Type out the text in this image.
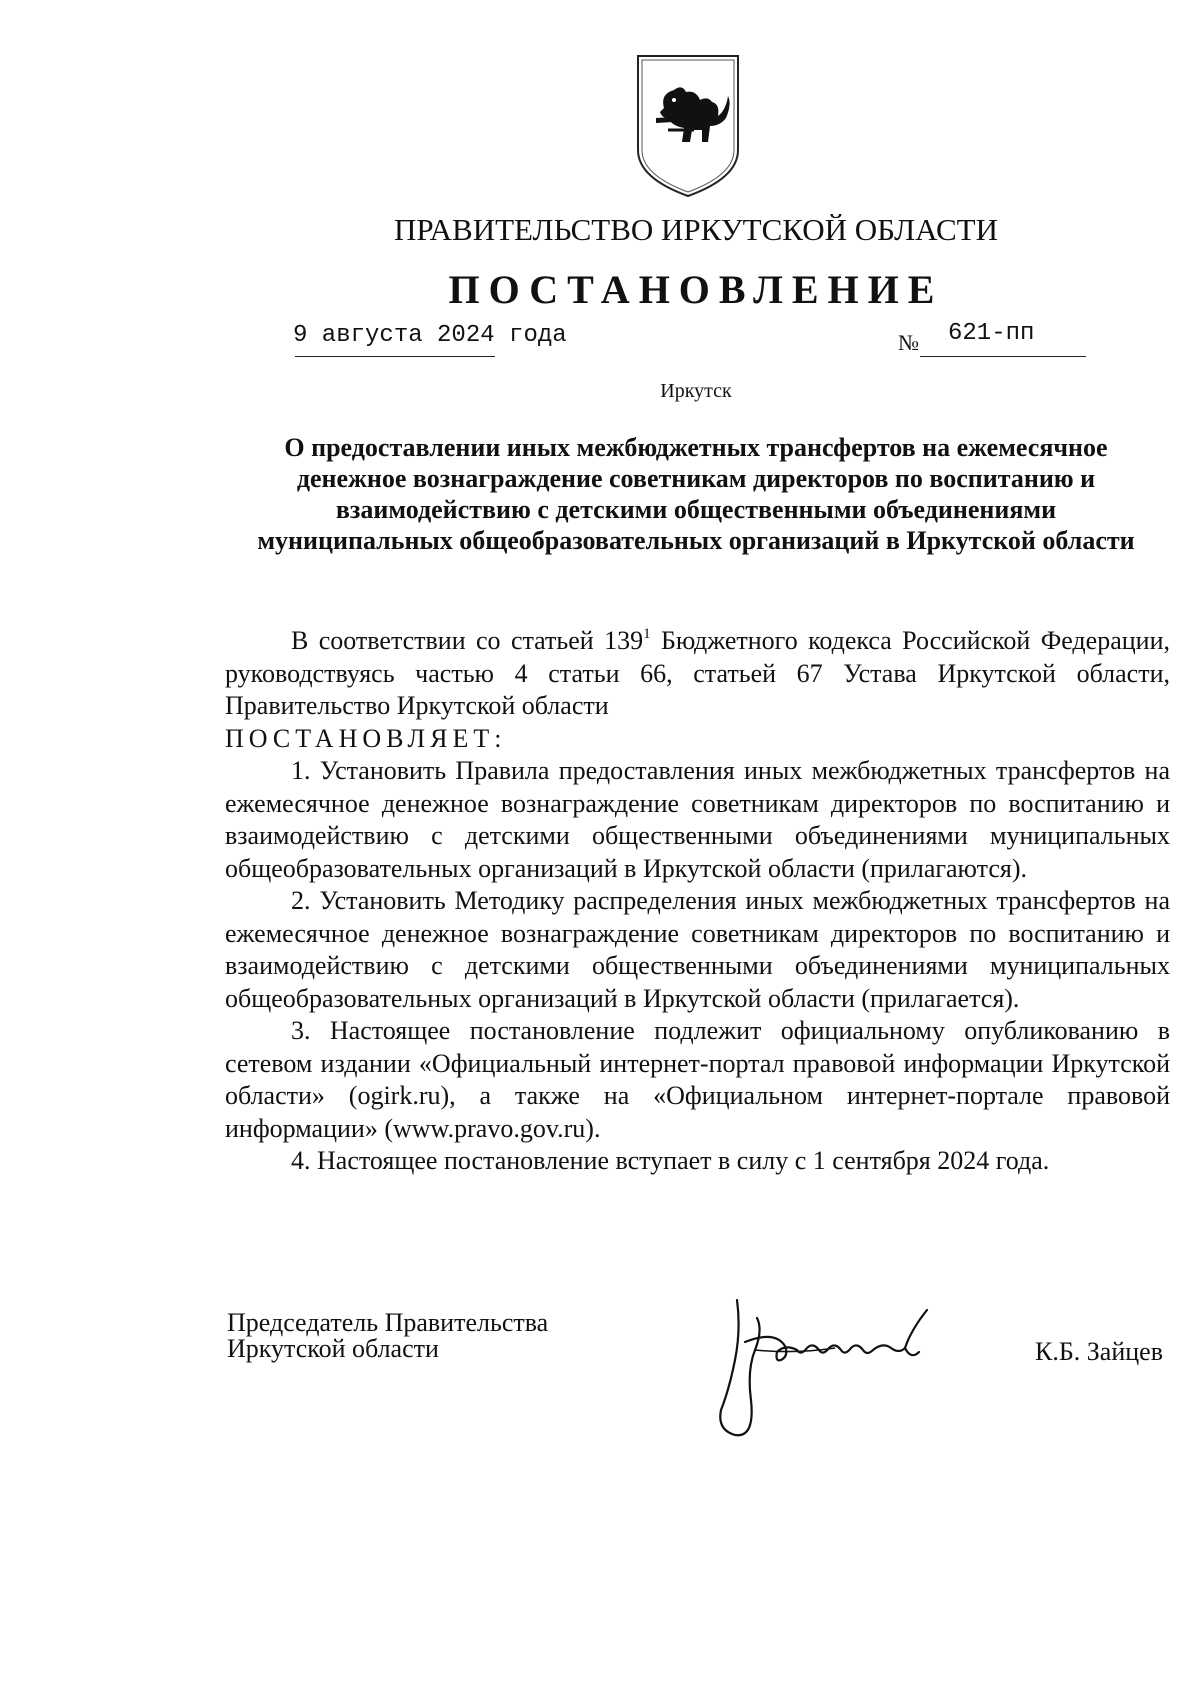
ПРАВИТЕЛЬСТВО ИРКУТСКОЙ ОБЛАСТИ
ПОСТАНОВЛЕНИЕ
9 августа 2024 года	№ 621-пп
Иркутск
О предоставлении иных межбюджетных трансфертов на ежемесячное денежное вознаграждение советникам директоров по воспитанию и взаимодействию с детскими общественными объединениями муниципальных общеобразовательных организаций в Иркутской области

В соответствии со статьей $139^1$ Бюджетного кодекса Российской Федерации, руководствуясь частью 4 статьи 66, статьей 67 Устава Иркутской области, Правительство Иркутской области

ПОСТАНОВЛЯЕТ:

1. Установить Правила предоставления иных межбюджетных трансфертов на ежемесячное денежное вознаграждение советникам директоров по воспитанию и взаимодействию с детскими общественными объединениями муниципальных общеобразовательных организаций в Иркутской области (прилагаются).

2. Установить Методику распределения иных межбюджетных трансфертов на ежемесячное денежное вознаграждение советникам директоров по воспитанию и взаимодействию с детскими общественными объединениями муниципальных общеобразовательных организаций в Иркутской области (прилагается).

3. Настоящее постановление подлежит официальному опубликованию в сетевом издании «Официальный интернет-портал правовой информации Иркутской области» (ogirk.ru), а также на «Официальном интернет-портале правовой информации» (www.pravo.gov.ru).

4. Настоящее постановление вступает в силу с 1 сентября 2024 года.

Председатель Правительства
Иркутской области	К.Б. Зайцев
